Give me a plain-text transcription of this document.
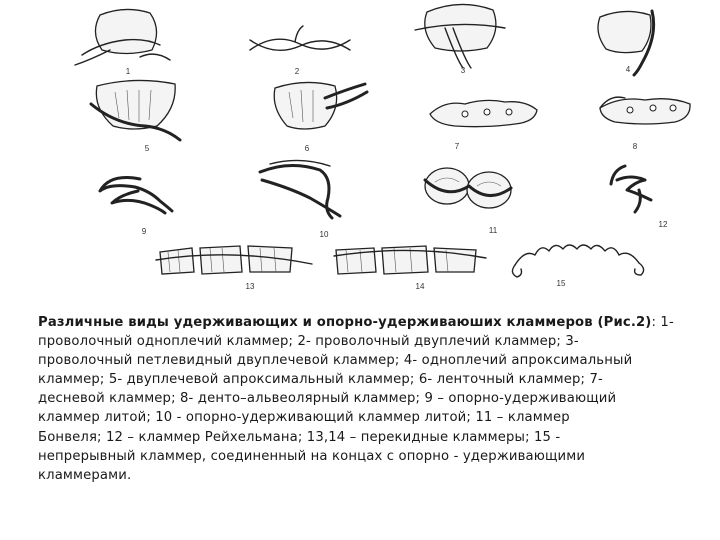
1	2	3	4
5	6	7	8
9	10	11
12
13	14	15
Различные виды удерживающих и опорно-удерживаюших кламмеров (Рис.2): 1-
проволочный одноплечий кламмер; 2- проволочный двуплечий кламмер; 3-
проволочный петлевидный двуплечевой кламмер; 4- одноплечий апроксимальный
кламмер; 5- двуплечевой апроксимальный кламмер; 6- ленточный кламмер; 7-
десневой кламмер; 8- денто–альвеолярный кламмер; 9 – опорно-удерживающий
кламмер литой; 10 - опорно-удерживающий кламмер литой; 11 – кламмер
Бонвеля; 12 – кламмер Рейхельмана; 13,14 – перекидные кламмеры; 15 -
непрерывный кламмер, соединенный на концах с опорно - удерживающими
кламмерами.
